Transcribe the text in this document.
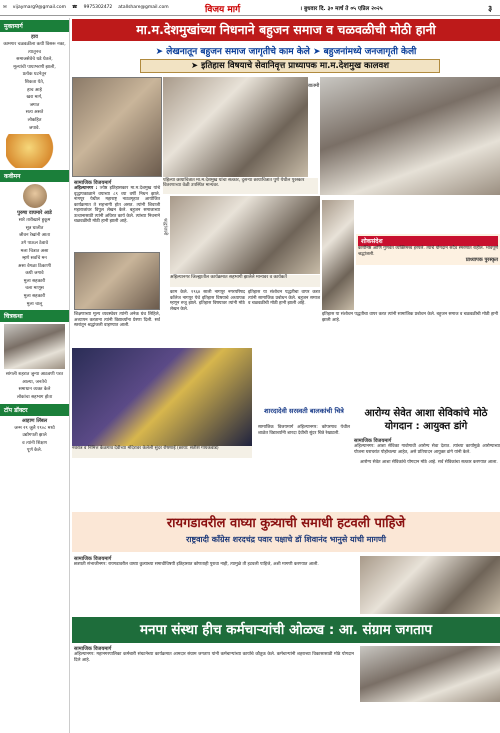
✉ vijaymarg9@gmail.com ☎ 9975302472 atallshare@gmail.com	विजय मार्ग	। बुधवार दि. ३० मार्च ते ०५ एप्रिल २०२५	३
मुक्तमार्ग
हाव
कामगार चळवळीला कधी विसरू नका,
त्यातूनच
समाजसेवेचे धडे घेतले,
मूल्यांची पायाभरणी झाली,
प्रत्येक घटनेतून
शिकता येते,
हाच आहे
खरा मार्ग,
जगात
सत्य असते
लोकहित
जपावे.
कवीमन
पुरुषा वाघमारे आडे
सारे तारीखाने हुकूम
सूत्र घालीत
जीवन रेखांनी आता
उगे पाऊल ठेवावे
मला चित्रात असा
म्हणे सर्वांचे मन
असा वेगळा ठिकाणी
कधी जगावे
मुला सहकारी
चला माणूस
मुला सहकारी
मुला चालू
चित्रकथा
सांगली शहरात जुन्या आठवणी परत
आल्या, जनतेचे
समाधान व्यक्त केले
लोकांचा सहभाग होता
टॉप डॉक्टर
आहाण लिंबल
जन्म २९ जुलै १९०८ मध्ये
उद्योगपती झाले
व त्यांनी शिक्षण
पूर्ण केले.
मा.म.देशमुखांच्या निधनाने बहुजन समाज व चळवळीची मोठी हानी
➤ लेखनातून बहुजन समाज जागृतीचे काम केले ➤ बहुजनांमध्ये जनजागृती केली
➤ इतिहास विषयाचे सेवानिवृत्त प्राध्यापक मा.म.देशमुख कालवश
बातमी
पहिल्या छायाचित्रात मा.म.देशमुख यांचा सत्कार, दुसऱ्या छायाचित्रात पुणे येथील पुरस्कार वितरणाच्या वेळी उपस्थित मान्यवर.
सामाजिक विजयमार्ग
अहिल्यानगर : ज्येष्ठ इतिहासकार मा.म.देशमुख यांचे वृद्धापकाळाने वयाच्या ८९ व्या वर्षी निधन झाले. नागपूर येथील महाराष्ट्र नाट्यगृहात आयोजित कार्यक्रमात ते सहभागी होत असत. त्यांनी शिवाजी महाराजांवर विपुल लेखन केले. बहुजन समाजाच्या उत्थानासाठी त्यांनी अविरत कार्य केले. त्यांच्या निधनाने चळवळीची मोठी हानी झाली आहे.
शिक्षणाच्या मूल्य व्यवस्थेवर त्यांनी अनेक ग्रंथ लिहिले, अध्यापन करताना त्यांनी विद्यार्थ्यांना प्रेरणा दिली. सर्व स्तरांतून श्रद्धांजली वाहण्यात आली.
श्रद्धांजली
अहिल्यानगर जिल्ह्यातील कार्यक्रमात सहभागी झालेले मान्यवर व कार्यकर्ते
काम केले. १९६४ साली नागपूर नगरपरिषद कॉलेज नागपूर येथे इतिहास विषयाचे अध्यापक म्हणून रुजू झाले. इतिहास विषयावर त्यांनी मोठे लेखन केले.
इतिहास या संशोधन पद्धतीचा वापर करत त्यांनी सामाजिक प्रबोधन केले. बहुजन समाज व चळवळीची मोठी हानी झाली आहे.
शोकसंदेश
कार्यनिष्ठ आणि गुणवंत व्यक्तिमत्त्व हरपले. त्यांचे योगदान सदैव स्मरणात राहील. भावपूर्ण श्रद्धांजली.
प्राध्यापक पुरस्कृत
इतिहास या संशोधन पद्धतीचा वापर करत त्यांनी सामाजिक प्रबोधन केले. बहुजन समाज व चळवळीची मोठी हानी झाली आहे.
नवरात्र व निमित्त केळगाव देवीच्या मंदिरावर केलेली सुंदर रोषणाई (छाया: सतीश गायकवाड)
शारदादेवी सरस्वती बालकांची चित्रे
सामाजिक विजयमार्ग अहिल्यानगर: कोपरगाव येथील शाळेत विद्यार्थ्यांनी शारदा देवीची सुंदर चित्रे रेखाटली.
आरोग्य सेवेत आशा सेविकांचे मोठे योगदान : आयुक्त डांगे
सामाजिक विजयमार्ग
अहिल्यानगर: आशा सेविका गावोगावी आरोग्य सेवा देतात. त्यांच्या कार्यामुळे आरोग्याच्या योजना घराघरांत पोहोचल्या आहेत, असे प्रतिपादन आयुक्त डांगे यांनी केले.
रायगडावरील वाघ्या कुत्र्याची समाधी हटवली पाहिजे
राष्ट्रवादी काँग्रेस शरदचंद्र पवार पक्षाचे डॉ शिवानंद भानुसे यांची मागणी
सामाजिक विजयमार्ग
छत्रपती संभाजीनगर: रायगडावरील वाघ्या कुत्र्याच्या समाधीविषयी इतिहासात कोणताही पुरावा नाही, त्यामुळे ती हटवली पाहिजे, अशी मागणी करण्यात आली.
आरोग्य सेवेत आशा सेविकांचे योगदान मोठे आहे. सर्व सेविकांचा सत्कार करण्यात आला.
मनपा संस्था हीच कर्मचाऱ्यांची ओळख : आ. संग्राम जगताप
सामाजिक विजयमार्ग
अहिल्यानगर: महानगरपालिका कर्मचारी संघटनेच्या कार्यक्रमात आमदार संग्राम जगताप यांनी कर्मचाऱ्यांच्या कार्याचे कौतुक केले. कर्मचाऱ्यांनी शहराच्या विकासासाठी मोठे योगदान दिले आहे.
